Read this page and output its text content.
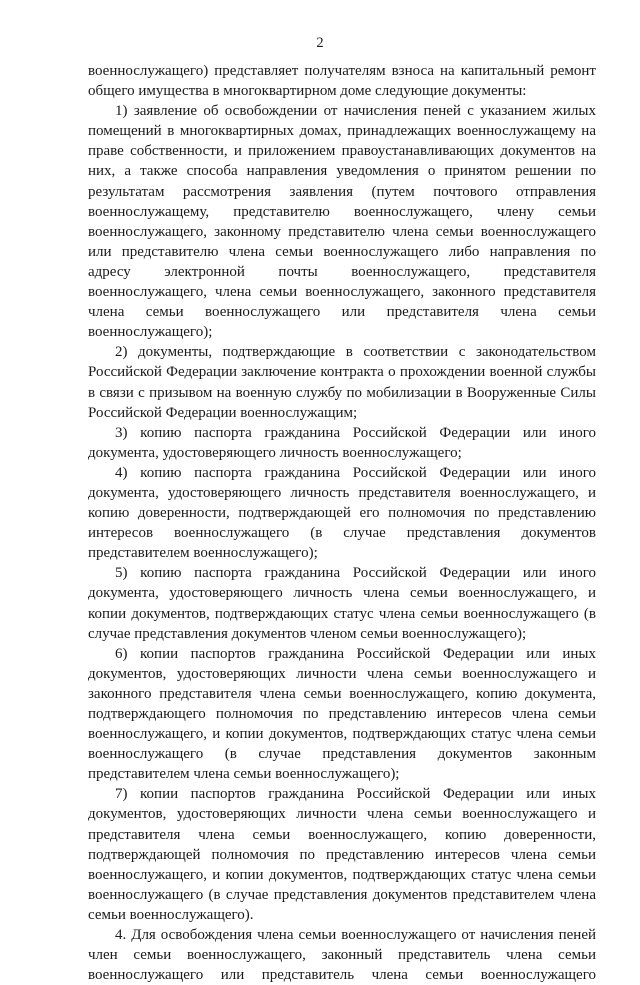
2

военнослужащего) представляет получателям взноса на капитальный ремонт общего имущества в многоквартирном доме следующие документы:

1) заявление об освобождении от начисления пеней с указанием жилых помещений в многоквартирных домах, принадлежащих военнослужащему на праве собственности, и приложением правоустанавливающих документов на них, а также способа направления уведомления о принятом решении по результатам рассмотрения заявления (путем почтового отправления военнослужащему, представителю военнослужащего, члену семьи военнослужащего, законному представителю члена семьи военнослужащего или представителю члена семьи военнослужащего либо направления по адресу электронной почты военнослужащего, представителя военнослужащего, члена семьи военнослужащего, законного представителя члена семьи военнослужащего или представителя члена семьи военнослужащего);

2) документы, подтверждающие в соответствии с законодательством Российской Федерации заключение контракта о прохождении военной службы в связи с призывом на военную службу по мобилизации в Вооруженные Силы Российской Федерации военнослужащим;

3) копию паспорта гражданина Российской Федерации или иного документа, удостоверяющего личность военнослужащего;

4) копию паспорта гражданина Российской Федерации или иного документа, удостоверяющего личность представителя военнослужащего, и копию доверенности, подтверждающей его полномочия по представлению интересов военнослужащего (в случае представления документов представителем военнослужащего);

5) копию паспорта гражданина Российской Федерации или иного документа, удостоверяющего личность члена семьи военнослужащего, и копии документов, подтверждающих статус члена семьи военнослужащего (в случае представления документов членом семьи военнослужащего);

6) копии паспортов гражданина Российской Федерации или иных документов, удостоверяющих личности члена семьи военнослужащего и законного представителя члена семьи военнослужащего, копию документа, подтверждающего полномочия по представлению интересов члена семьи военнослужащего, и копии документов, подтверждающих статус члена семьи военнослужащего (в случае представления документов законным представителем члена семьи военнослужащего);

7) копии паспортов гражданина Российской Федерации или иных документов, удостоверяющих личности члена семьи военнослужащего и представителя члена семьи военнослужащего, копию доверенности, подтверждающей полномочия по представлению интересов члена семьи военнослужащего, и копии документов, подтверждающих статус члена семьи военнослужащего (в случае представления документов представителем члена семьи военнослужащего).

4. Для освобождения члена семьи военнослужащего от начисления пеней член семьи военнослужащего, законный представитель члена семьи военнослужащего или представитель члена семьи военнослужащего
